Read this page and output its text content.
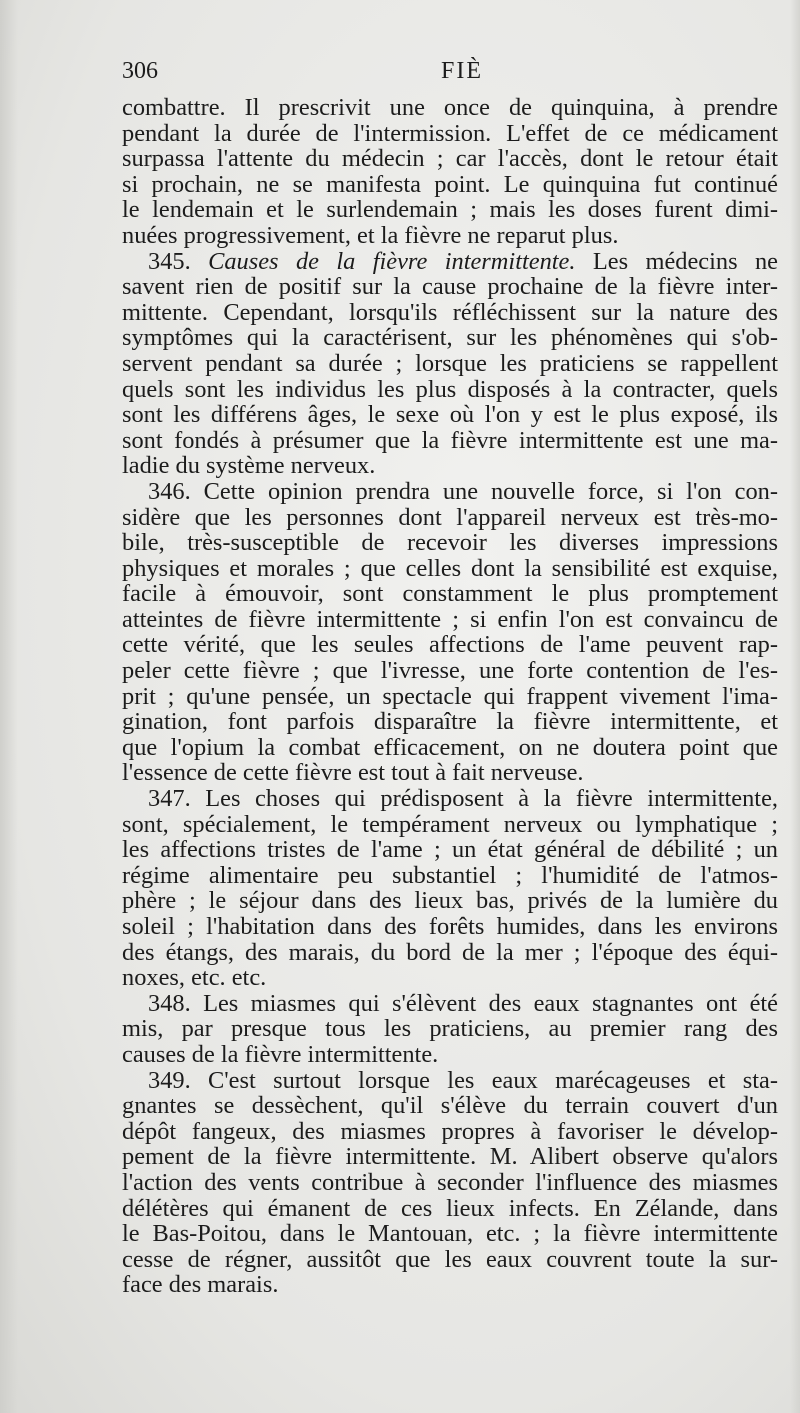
306	FIÈ
combattre. Il prescrivit une once de quinquina, à prendre
pendant la durée de l'intermission. L'effet de ce médicament
surpassa l'attente du médecin ; car l'accès, dont le retour était
si prochain, ne se manifesta point. Le quinquina fut continué
le lendemain et le surlendemain ; mais les doses furent dimi-
nuées progressivement, et la fièvre ne reparut plus.
345. Causes de la fièvre intermittente. Les médecins ne
savent rien de positif sur la cause prochaine de la fièvre inter-
mittente. Cependant, lorsqu'ils réfléchissent sur la nature des
symptômes qui la caractérisent, sur les phénomènes qui s'ob-
servent pendant sa durée ; lorsque les praticiens se rappellent
quels sont les individus les plus disposés à la contracter, quels
sont les différens âges, le sexe où l'on y est le plus exposé, ils
sont fondés à présumer que la fièvre intermittente est une ma-
ladie du système nerveux.
346. Cette opinion prendra une nouvelle force, si l'on con-
sidère que les personnes dont l'appareil nerveux est très-mo-
bile, très-susceptible de recevoir les diverses impressions
physiques et morales ; que celles dont la sensibilité est exquise,
facile à émouvoir, sont constamment le plus promptement
atteintes de fièvre intermittente ; si enfin l'on est convaincu de
cette vérité, que les seules affections de l'ame peuvent rap-
peler cette fièvre ; que l'ivresse, une forte contention de l'es-
prit ; qu'une pensée, un spectacle qui frappent vivement l'ima-
gination, font parfois disparaître la fièvre intermittente, et
que l'opium la combat efficacement, on ne doutera point que
l'essence de cette fièvre est tout à fait nerveuse.
347. Les choses qui prédisposent à la fièvre intermittente,
sont, spécialement, le tempérament nerveux ou lymphatique ;
les affections tristes de l'ame ; un état général de débilité ; un
régime alimentaire peu substantiel ; l'humidité de l'atmos-
phère ; le séjour dans des lieux bas, privés de la lumière du
soleil ; l'habitation dans des forêts humides, dans les environs
des étangs, des marais, du bord de la mer ; l'époque des équi-
noxes, etc. etc.
348. Les miasmes qui s'élèvent des eaux stagnantes ont été
mis, par presque tous les praticiens, au premier rang des
causes de la fièvre intermittente.
349. C'est surtout lorsque les eaux marécageuses et sta-
gnantes se dessèchent, qu'il s'élève du terrain couvert d'un
dépôt fangeux, des miasmes propres à favoriser le dévelop-
pement de la fièvre intermittente. M. Alibert observe qu'alors
l'action des vents contribue à seconder l'influence des miasmes
délétères qui émanent de ces lieux infects. En Zélande, dans
le Bas-Poitou, dans le Mantouan, etc. ; la fièvre intermittente
cesse de régner, aussitôt que les eaux couvrent toute la sur-
face des marais.
